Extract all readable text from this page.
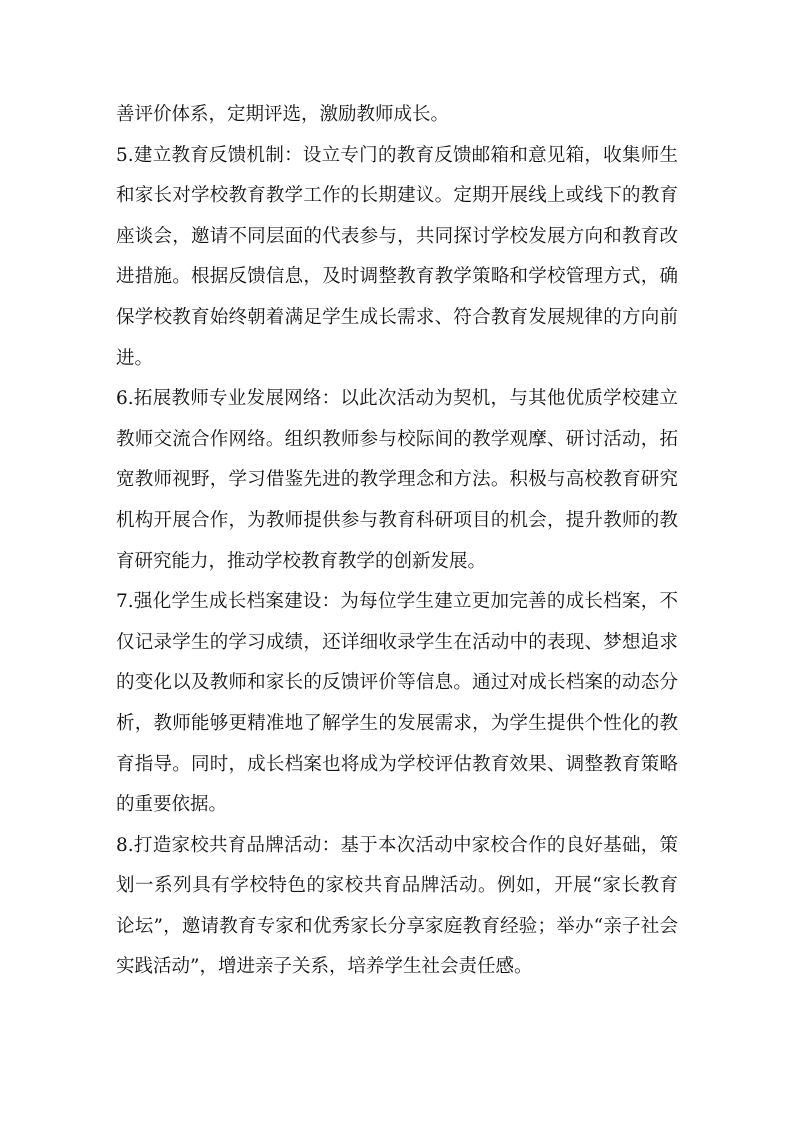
善评价体系，定期评选，激励教师成长。

5.建立教育反馈机制：设立专门的教育反馈邮箱和意见箱，收集师生和家长对学校教育教学工作的长期建议。定期开展线上或线下的教育座谈会，邀请不同层面的代表参与，共同探讨学校发展方向和教育改进措施。根据反馈信息，及时调整教育教学策略和学校管理方式，确保学校教育始终朝着满足学生成长需求、符合教育发展规律的方向前进。

6.拓展教师专业发展网络：以此次活动为契机，与其他优质学校建立教师交流合作网络。组织教师参与校际间的教学观摩、研讨活动，拓宽教师视野，学习借鉴先进的教学理念和方法。积极与高校教育研究机构开展合作，为教师提供参与教育科研项目的机会，提升教师的教育研究能力，推动学校教育教学的创新发展。

7.强化学生成长档案建设：为每位学生建立更加完善的成长档案，不仅记录学生的学习成绩，还详细收录学生在活动中的表现、梦想追求的变化以及教师和家长的反馈评价等信息。通过对成长档案的动态分析，教师能够更精准地了解学生的发展需求，为学生提供个性化的教育指导。同时，成长档案也将成为学校评估教育效果、调整教育策略的重要依据。

8.打造家校共育品牌活动：基于本次活动中家校合作的良好基础，策划一系列具有学校特色的家校共育品牌活动。例如，开展“家长教育论坛”，邀请教育专家和优秀家长分享家庭教育经验；举办“亲子社会实践活动”，增进亲子关系，培养学生社会责任感。
